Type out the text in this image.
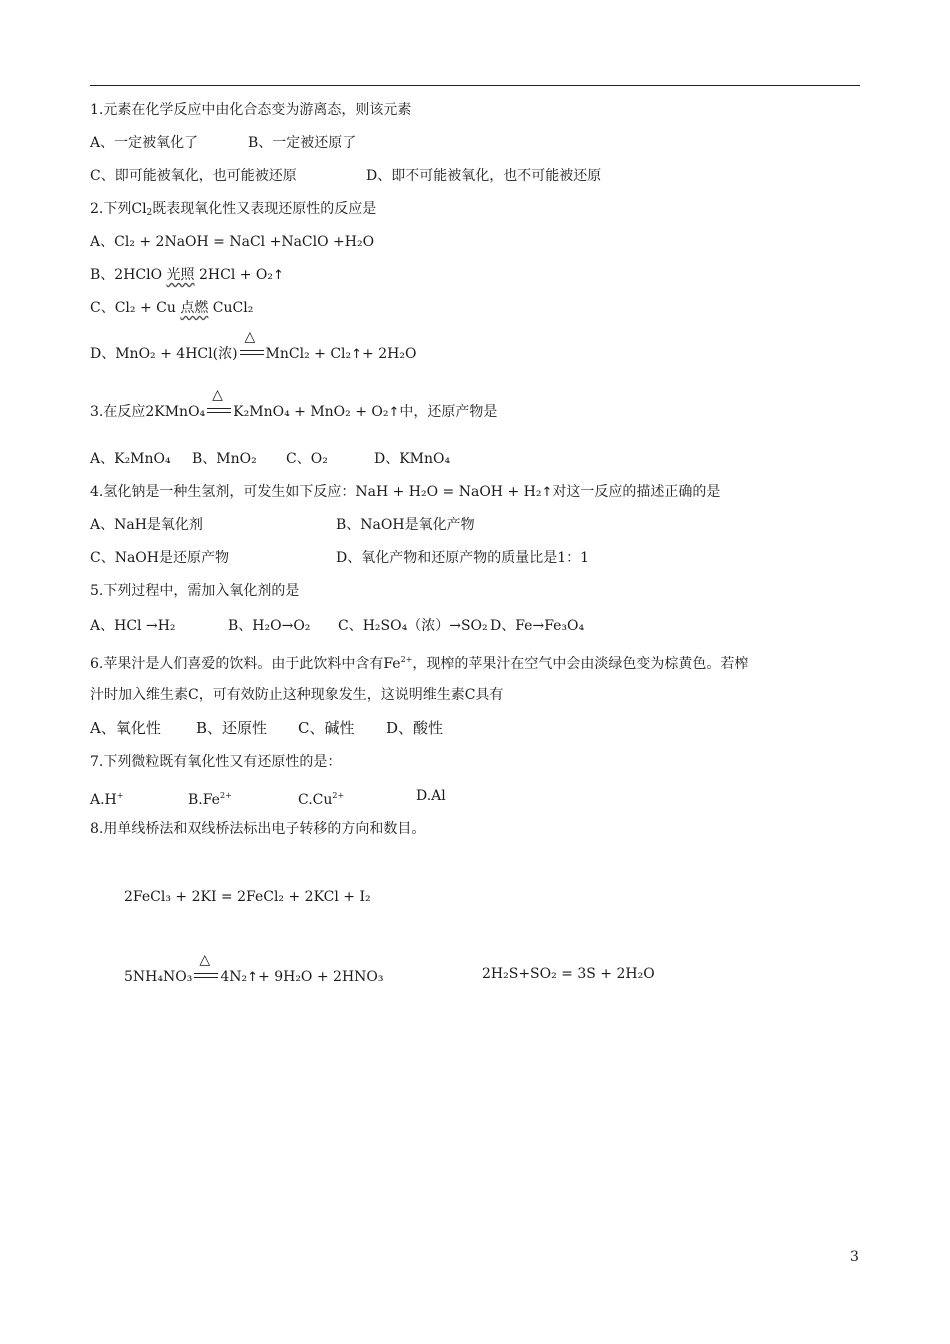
1.元素在化学反应中由化合态变为游离态，则该元素
A、一定被氧化了	B、一定被还原了
C、即可能被氧化，也可能被还原	D、即不可能被氧化，也不可能被还原
2.下列$Cl_2$既表现氧化性又表现还原性的反应是
A、Cl₂ + 2NaOH = NaCl +NaClO +H₂O
B、2HClO 光照 2HCl + O₂↑
C、Cl₂ + Cu 点燃 CuCl₂
D、MnO₂ + 4HCl(浓)
△
MnCl₂ + Cl₂↑+ 2H₂O
3.在反应2KMnO₄
△
K₂MnO₄ + MnO₂ + O₂↑中，还原产物是
A、K₂MnO₄ B、MnO₂ C、O₂	D、KMnO₄
4.氢化钠是一种生氢剂，可发生如下反应：NaH + H₂O = NaOH + H₂↑对这一反应的描述正确的是
A、NaH是氧化剂	B、NaOH是氧化产物
C、NaOH是还原产物	D、氧化产物和还原产物的质量比是1：1
5.下列过程中，需加入氧化剂的是
A、HCl →H₂	B、H₂O→O₂ C、H₂SO₄（浓）→SO₂ D、Fe→Fe₃O₄
6.苹果汁是人们喜爱的饮料。由于此饮料中含有$Fe^{2+}$，现榨的苹果汁在空气中会由淡绿色变为棕黄色。若榨
汁时加入维生素C，可有效防止这种现象发生，这说明维生素C具有
A、氧化性 B、还原性 C、碱性 D、酸性
7.下列微粒既有氧化性又有还原性的是：
A.H+	$B.Fe^{2+}$	$C.Cu^{2+}$	D.Al
8.用单线桥法和双线桥法标出电子转移的方向和数目。
2FeCl₃ + 2KI = 2FeCl₂ + 2KCl + I₂
5NH₄NO₃
△
4N₂↑+ 9H₂O + 2HNO₃	2H₂S+SO₂ = 3S + 2H₂O
3
